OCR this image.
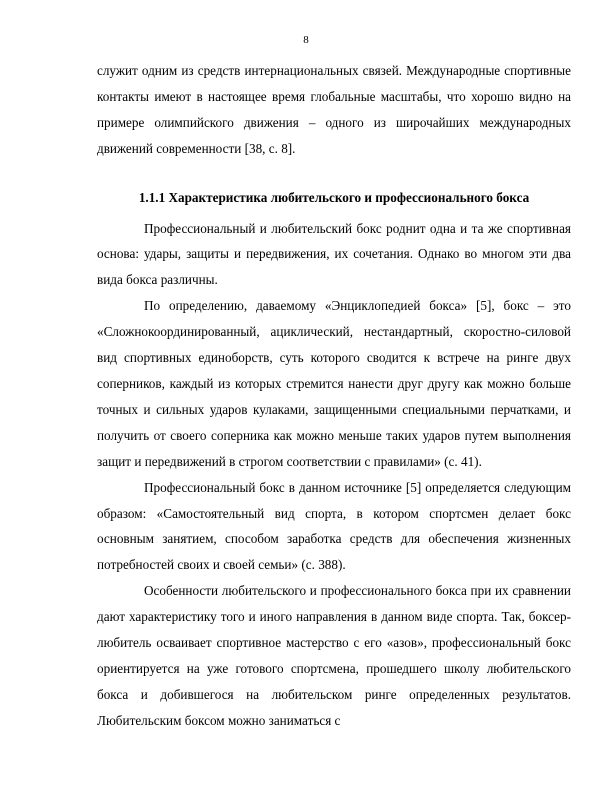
8

служит одним из средств интернациональных связей. Международные спортивные контакты имеют в настоящее время глобальные масштабы, что хорошо видно на примере олимпийского движения – одного из широчайших международных движений современности [38, с. 8].

1.1.1 Характеристика любительского и профессионального бокса

Профессиональный и любительский бокс роднит одна и та же спортивная основа: удары, защиты и передвижения, их сочетания. Однако во многом эти два вида бокса различны.

По определению, даваемому «Энциклопедией бокса» [5], бокс – это «Сложнокоординированный, ациклический, нестандартный, скоростно-силовой вид спортивных единоборств, суть которого сводится к встрече на ринге двух соперников, каждый из которых стремится нанести друг другу как можно больше точных и сильных ударов кулаками, защищенными специальными перчатками, и получить от своего соперника как можно меньше таких ударов путем выполнения защит и передвижений в строгом соответствии с правилами» (с. 41).

Профессиональный бокс в данном источнике [5] определяется следующим образом: «Самостоятельный вид спорта, в котором спортсмен делает бокс основным занятием, способом заработка средств для обеспечения жизненных потребностей своих и своей семьи» (с. 388).

Особенности любительского и профессионального бокса при их сравнении дают характеристику того и иного направления в данном виде спорта. Так, боксер-любитель осваивает спортивное мастерство с его «азов», профессиональный бокс ориентируется на уже готового спортсмена, прошедшего школу любительского бокса и добившегося на любительском ринге определенных результатов. Любительским боксом можно заниматься с
